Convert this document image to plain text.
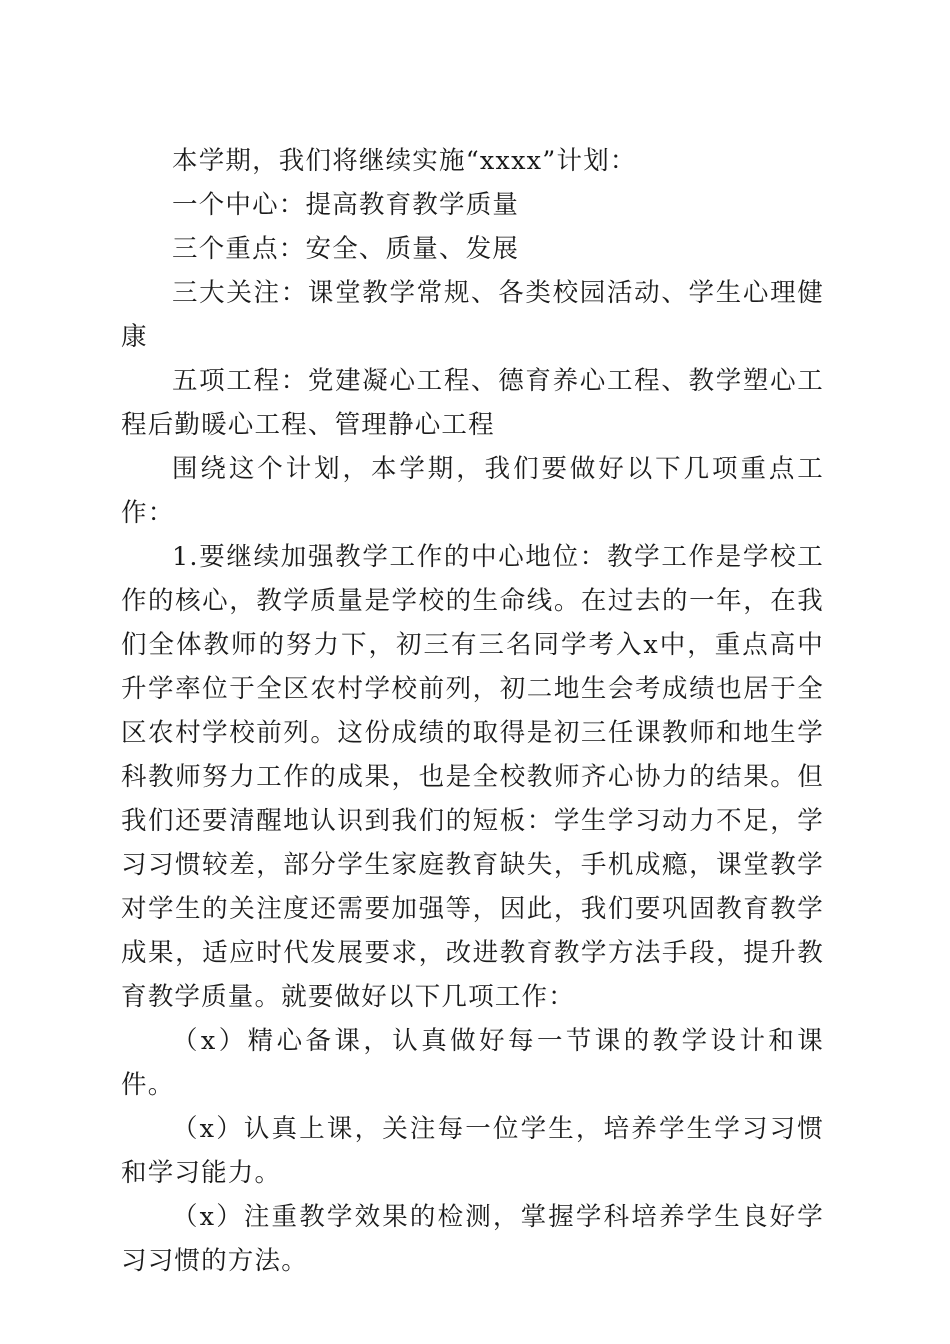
本学期，我们将继续实施“xxxx”计划：

一个中心：提高教育教学质量

三个重点：安全、质量、发展

三大关注：课堂教学常规、各类校园活动、学生心理健康

五项工程：党建凝心工程、德育养心工程、教学塑心工程后勤暖心工程、管理静心工程

围绕这个计划，本学期，我们要做好以下几项重点工作：

1.要继续加强教学工作的中心地位：教学工作是学校工作的核心，教学质量是学校的生命线。在过去的一年，在我们全体教师的努力下，初三有三名同学考入x中，重点高中升学率位于全区农村学校前列，初二地生会考成绩也居于全区农村学校前列。这份成绩的取得是初三任课教师和地生学科教师努力工作的成果，也是全校教师齐心协力的结果。但我们还要清醒地认识到我们的短板：学生学习动力不足，学习习惯较差，部分学生家庭教育缺失，手机成瘾，课堂教学对学生的关注度还需要加强等，因此，我们要巩固教育教学成果，适应时代发展要求，改进教育教学方法手段，提升教育教学质量。就要做好以下几项工作：

（x）精心备课，认真做好每一节课的教学设计和课件。

（x）认真上课，关注每一位学生，培养学生学习习惯和学习能力。

（x）注重教学效果的检测，掌握学科培养学生良好学习习惯的方法。
